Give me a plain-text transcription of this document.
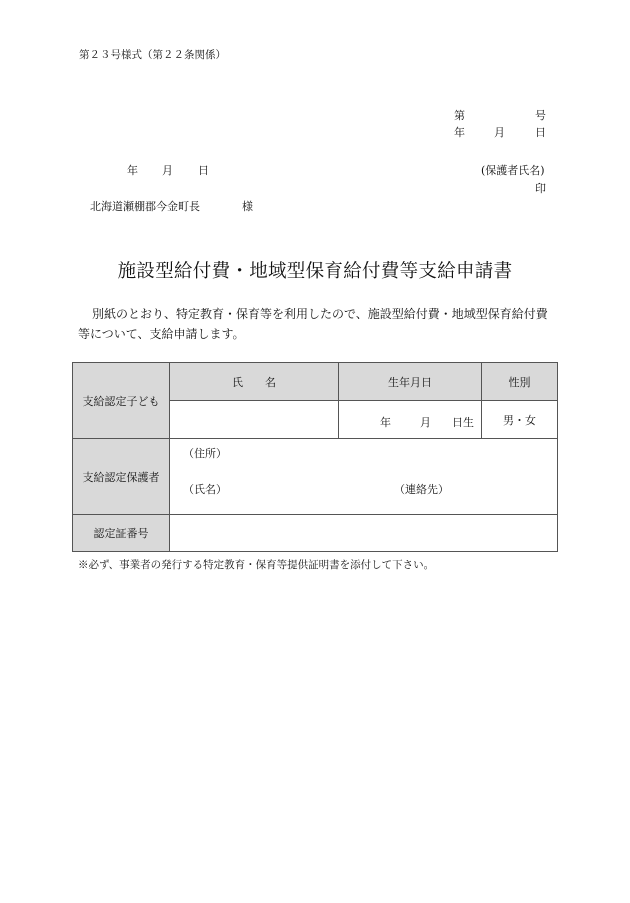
第２３号様式（第２２条関係）
第	号
年	月	日
年 月 日	(保護者氏名)
印
北海道瀬棚郡今金町長	様
施設型給付費・地域型保育給付費等支給申請書
別紙のとおり、特定教育・保育等を利用したので、施設型給付費・地域型保育給付費等について、支給申請します。
支給認定子ども	氏　　名	生年月日	性別

		年 月 日生	男・女
支給認定保護者	（住所）
（氏名） （連絡先）		

認定証番号			
※必ず、事業者の発行する特定教育・保育等提供証明書を添付して下さい。
